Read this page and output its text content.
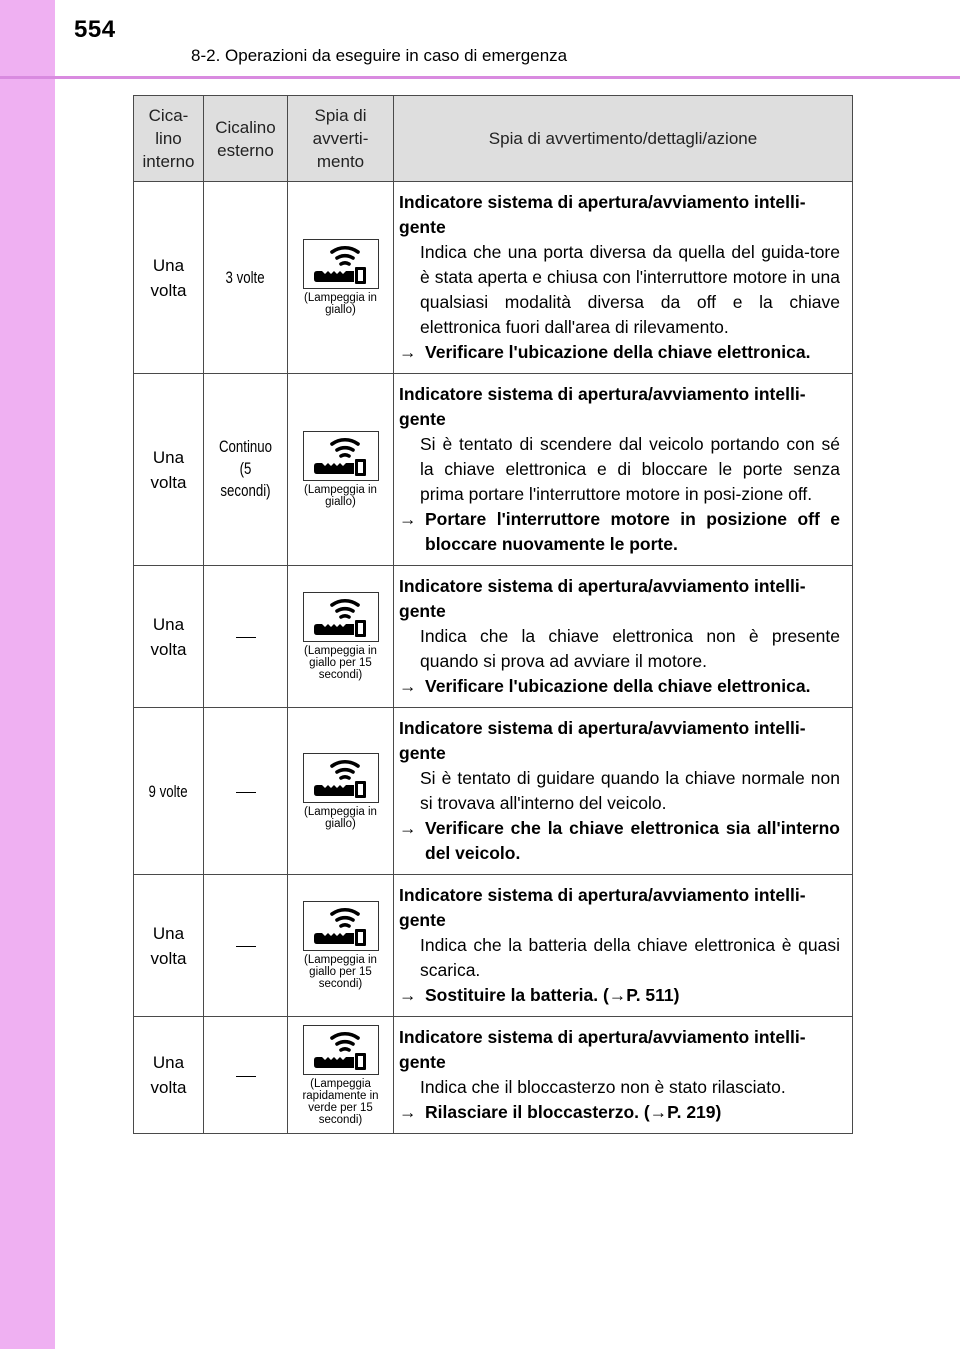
554
8-2. Operazioni da eseguire in caso di emergenza
Cica-lino interno	Cicalino esterno	Spia di avverti-mento	Spia di avvertimento/dettagli/azione
Una volta	3 volte	(Lampeggia in giallo)	Indicatore sistema di apertura/avviamento intelli-gente
Indica che una porta diversa da quella del guida-tore è stata aperta e chiusa con l'interruttore motore in una qualsiasi modalità diversa da off e la chiave elettronica fuori dall'area di rilevamento.
→ Verificare l'ubicazione della chiave elettronica.

Una volta	Continuo (5 secondi)	(Lampeggia in giallo)	Indicatore sistema di apertura/avviamento intelli-gente
Si è tentato di scendere dal veicolo portando con sé la chiave elettronica e di bloccare le porte senza prima portare l'interruttore motore in posi-zione off.
→ Portare l'interruttore motore in posizione off e bloccare nuovamente le porte.

Una volta		(Lampeggia in giallo per 15 secondi)	Indicatore sistema di apertura/avviamento intelli-gente
Indica che la chiave elettronica non è presente quando si prova ad avviare il motore.
→ Verificare l'ubicazione della chiave elettronica.

9 volte		(Lampeggia in giallo)	Indicatore sistema di apertura/avviamento intelli-gente
Si è tentato di guidare quando la chiave normale non si trovava all'interno del veicolo.
→ Verificare che la chiave elettronica sia all'interno del veicolo.

Una volta		(Lampeggia in giallo per 15 secondi)	Indicatore sistema di apertura/avviamento intelli-gente
Indica che la batteria della chiave elettronica è quasi scarica.
→ Sostituire la batteria. (→P. 511)

Una volta		(Lampeggia rapidamente in verde per 15 secondi)	Indicatore sistema di apertura/avviamento intelli-gente
Indica che il bloccasterzo non è stato rilasciato.
→ Rilasciare il bloccasterzo. (→P. 219)
